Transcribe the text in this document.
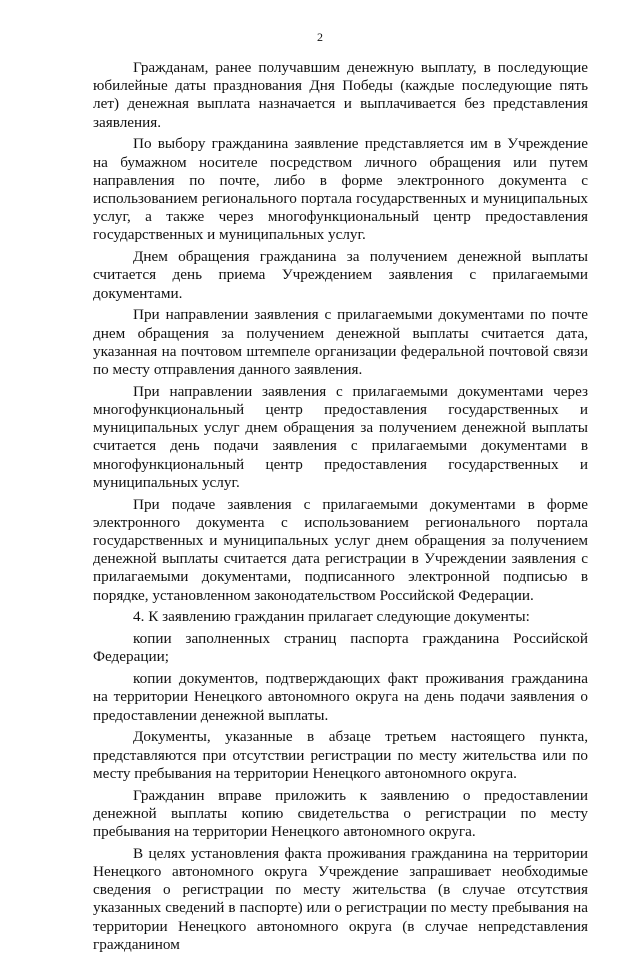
2

Гражданам, ранее получавшим денежную выплату, в последующие юбилейные даты празднования Дня Победы (каждые последующие пять лет) денежная выплата назначается и выплачивается без представления заявления.

По выбору гражданина заявление представляется им в Учреждение на бумажном носителе посредством личного обращения или путем направления по почте, либо в форме электронного документа с использованием регионального портала государственных и муниципальных услуг, а также через многофункциональный центр предоставления государственных и муниципальных услуг.

Днем обращения гражданина за получением денежной выплаты считается день приема Учреждением заявления с прилагаемыми документами.

При направлении заявления с прилагаемыми документами по почте днем обращения за получением денежной выплаты считается дата, указанная на почтовом штемпеле организации федеральной почтовой связи по месту отправления данного заявления.

При направлении заявления с прилагаемыми документами через многофункциональный центр предоставления государственных и муниципальных услуг днем обращения за получением денежной выплаты считается день подачи заявления с прилагаемыми документами в многофункциональный центр предоставления государственных и муниципальных услуг.

При подаче заявления с прилагаемыми документами в форме электронного документа с использованием регионального портала государственных и муниципальных услуг днем обращения за получением денежной выплаты считается дата регистрации в Учреждении заявления с прилагаемыми документами, подписанного электронной подписью в порядке, установленном законодательством Российской Федерации.

4. К заявлению гражданин прилагает следующие документы:

копии заполненных страниц паспорта гражданина Российской Федерации;

копии документов, подтверждающих факт проживания гражданина на территории Ненецкого автономного округа на день подачи заявления о предоставлении денежной выплаты.

Документы, указанные в абзаце третьем настоящего пункта, представляются при отсутствии регистрации по месту жительства или по месту пребывания на территории Ненецкого автономного округа.

Гражданин вправе приложить к заявлению о предоставлении денежной выплаты копию свидетельства о регистрации по месту пребывания на территории Ненецкого автономного округа.

В целях установления факта проживания гражданина на территории Ненецкого автономного округа Учреждение запрашивает необходимые сведения о регистрации по месту жительства (в случае отсутствия указанных сведений в паспорте) или о регистрации по месту пребывания на территории Ненецкого автономного округа (в случае непредставления гражданином
